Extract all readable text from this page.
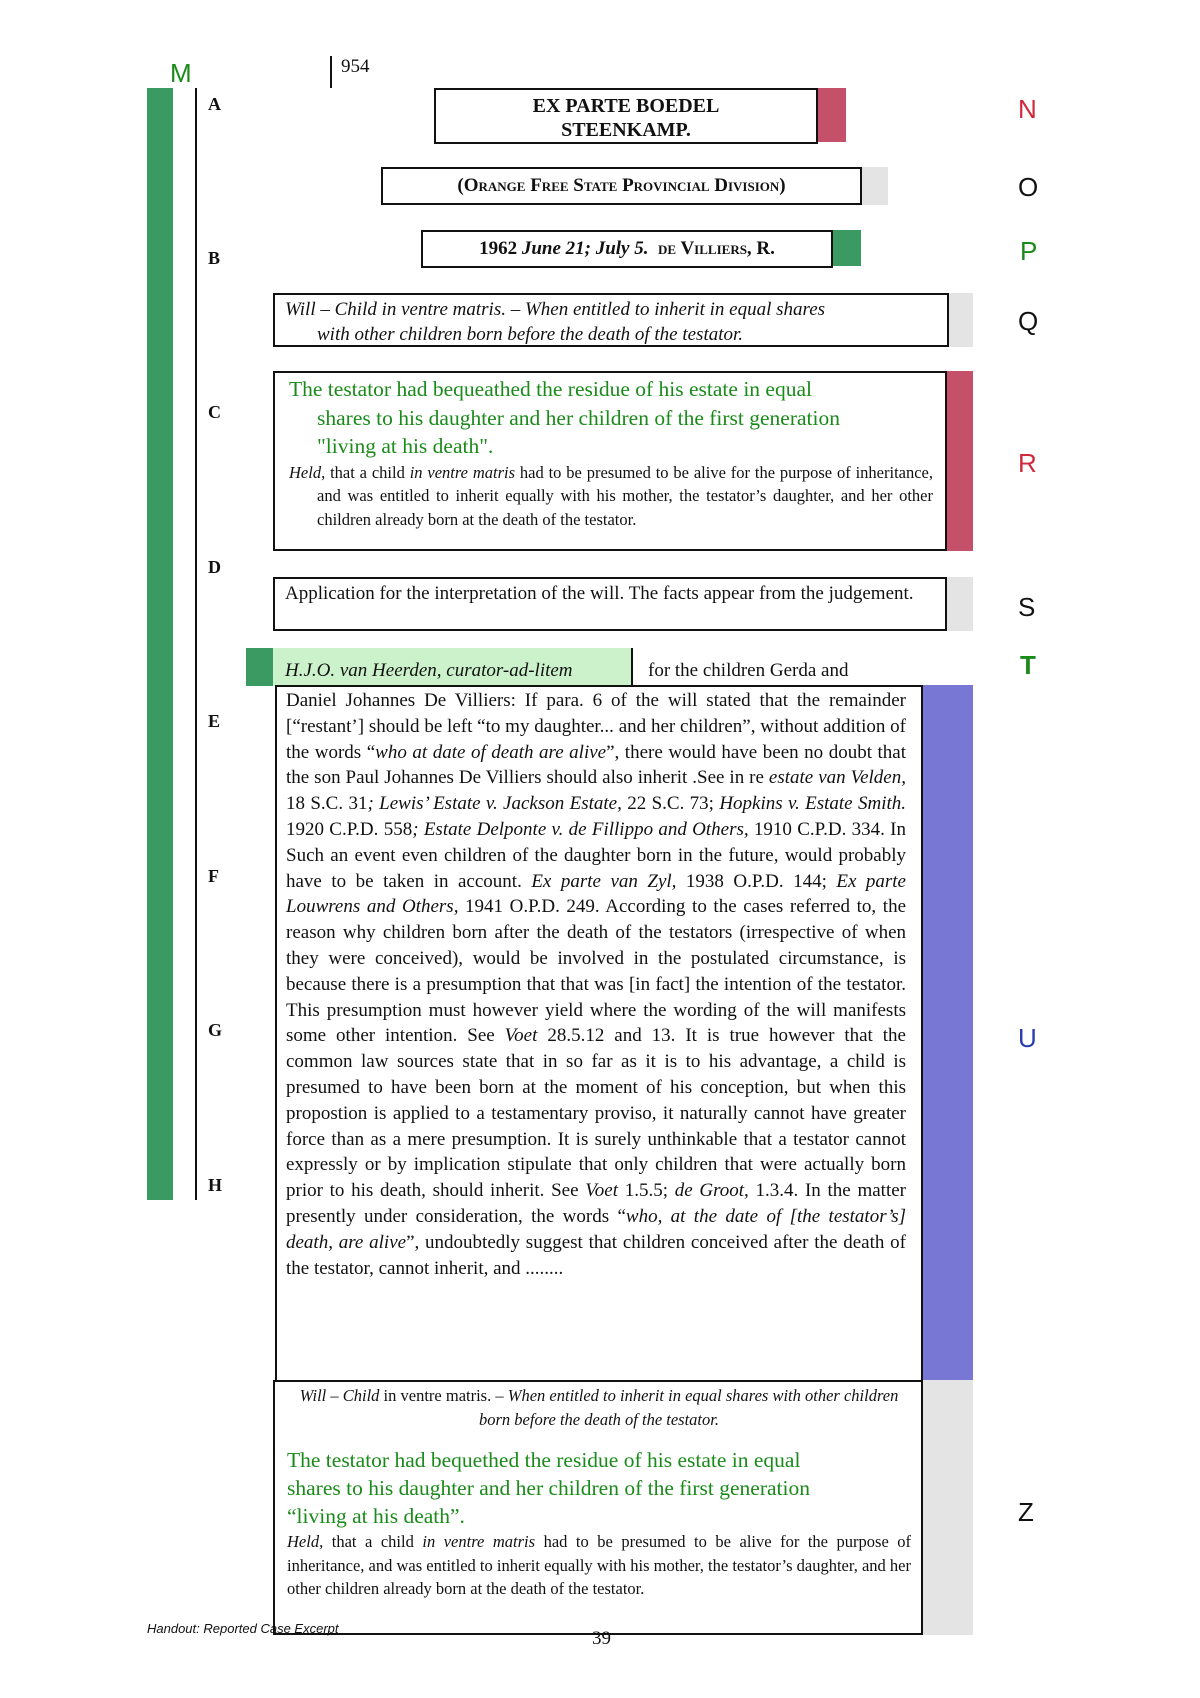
M
A
B
C
D
E
F
G
H
954
N
O
P
Q
R
S
T
U
Z
EX PARTE BOEDEL
STEENKAMP.
(Orange Free State Provincial Division)
1962 June 21; July 5. de Villiers, R.
Will – Child in ventre matris. – When entitled to inherit in equal shares
with other children born before the death of the testator.
The testator had bequeathed the residue of his estate in equal
shares to his daughter and her children of the first generation
"living at his death".

Held, that a child in ventre matris had to be presumed to be alive for the purpose of inheritance, and was entitled to inherit equally with his mother, the testator’s daughter, and her other children already born at the death of the testator.

Application for the interpretation of the will. The facts appear from the judgement.
H.J.O. van Heerden, curator-ad-litem	for the children Gerda and
Daniel Johannes De Villiers: If para. 6 of the will stated that the remainder [“restant’] should be left “to my daughter... and her children”, without addition of the words “who at date of death are alive”, there would have been no doubt that the son Paul Johannes De Villiers should also inherit .See in re estate van Velden, 18 S.C. 31; Lewis’ Estate v. Jackson Estate, 22 S.C. 73; Hopkins v. Estate Smith. 1920 C.P.D. 558; Estate Delponte v. de Fillippo and Others, 1910 C.P.D. 334. In Such an event even children of the daughter born in the future, would probably have to be taken in account. Ex parte van Zyl, 1938 O.P.D. 144; Ex parte Louwrens and Others, 1941 O.P.D. 249. According to the cases referred to, the reason why children born after the death of the testators (irrespective of when they were conceived), would be involved in the postulated circumstance, is because there is a presumption that that was [in fact] the intention of the testator. This presumption must however yield where the wording of the will manifests some other intention. See Voet 28.5.12 and 13. It is true however that the common law sources state that in so far as it is to his advantage, a child is presumed to have been born at the moment of his conception, but when this propostion is applied to a testamentary proviso, it naturally cannot have greater force than as a mere presumption. It is surely unthinkable that a testator cannot expressly or by implication stipulate that only children that were actually born prior to his death, should inherit. See Voet 1.5.5; de Groot, 1.3.4. In the matter presently under consideration, the words “who, at the date of [the testator’s] death, are alive”, undoubtedly suggest that children conceived after the death of the testator, cannot inherit, and ........
Will – Child in ventre matris. – When entitled to inherit in equal shares with other children born before the death of the testator.
The testator had bequethed the residue of his estate in equal
shares to his daughter and her children of the first generation
“living at his death”.

Held, that a child in ventre matris had to be presumed to be alive for the purpose of inheritance, and was entitled to inherit equally with his mother, the testator’s daughter, and her other children already born at the death of the testator.

Handout: Reported Case Excerpt	39
